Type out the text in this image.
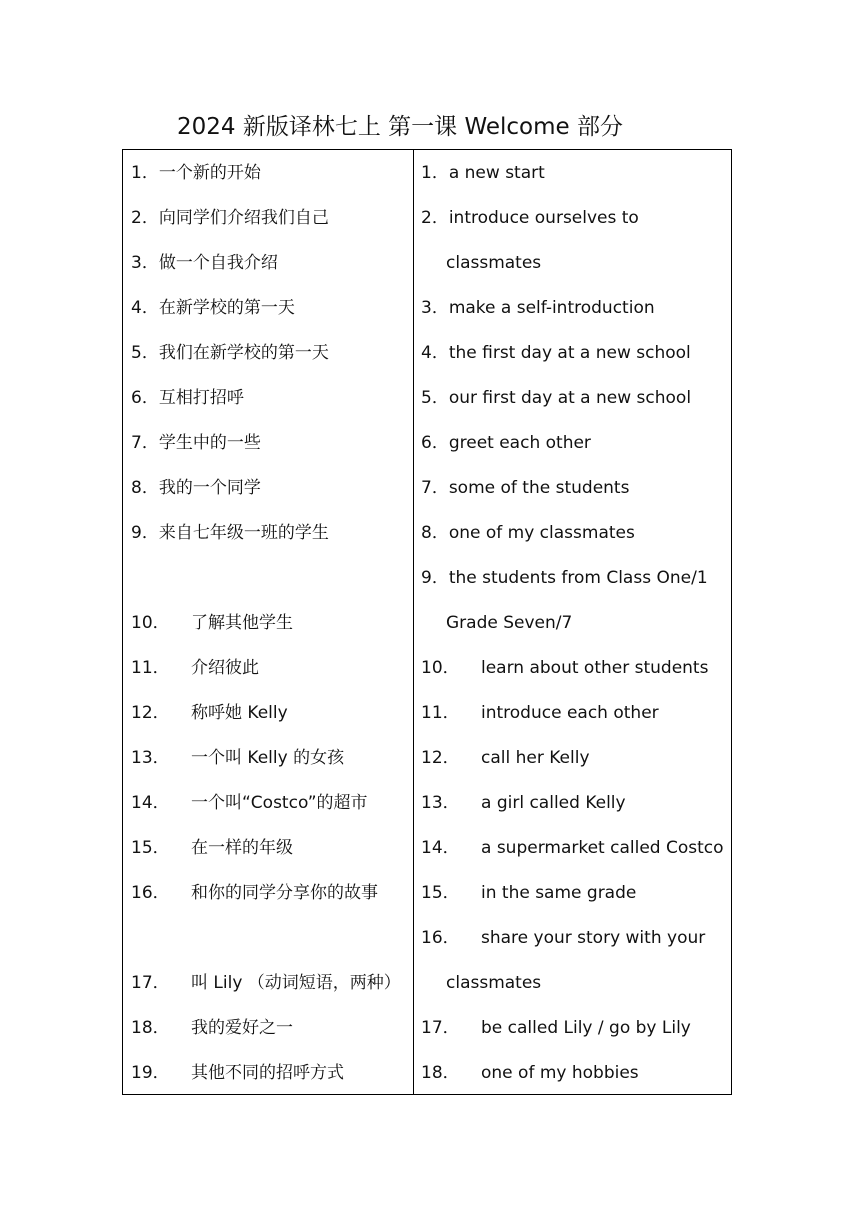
2024 新版译林七上 第一课 Welcome 部分
1．一个新的开始
2．向同学们介绍我们自己
3．做一个自我介绍
4．在新学校的第一天
5．我们在新学校的第一天
6．互相打招呼
7．学生中的一些
8．我的一个同学
9．来自七年级一班的学生
10． 了解其他学生
11． 介绍彼此
12． 称呼她 Kelly
13． 一个叫 Kelly 的女孩
14． 一个叫“Costco”的超市
15． 在一样的年级
16． 和你的同学分享你的故事
17． 叫 Lily （动词短语，两种）
18． 我的爱好之一
19． 其他不同的招呼方式
1．a new start
2．introduce ourselves to
classmates
3．make a self-introduction
4．the first day at a new school
5．our first day at a new school
6．greet each other
7．some of the students
8．one of my classmates
9．the students from Class One/1
Grade Seven/7
10． learn about other students
11． introduce each other
12． call her Kelly
13． a girl called Kelly
14． a supermarket called Costco
15． in the same grade
16． share your story with your
classmates
17． be called Lily / go by Lily
18． one of my hobbies
